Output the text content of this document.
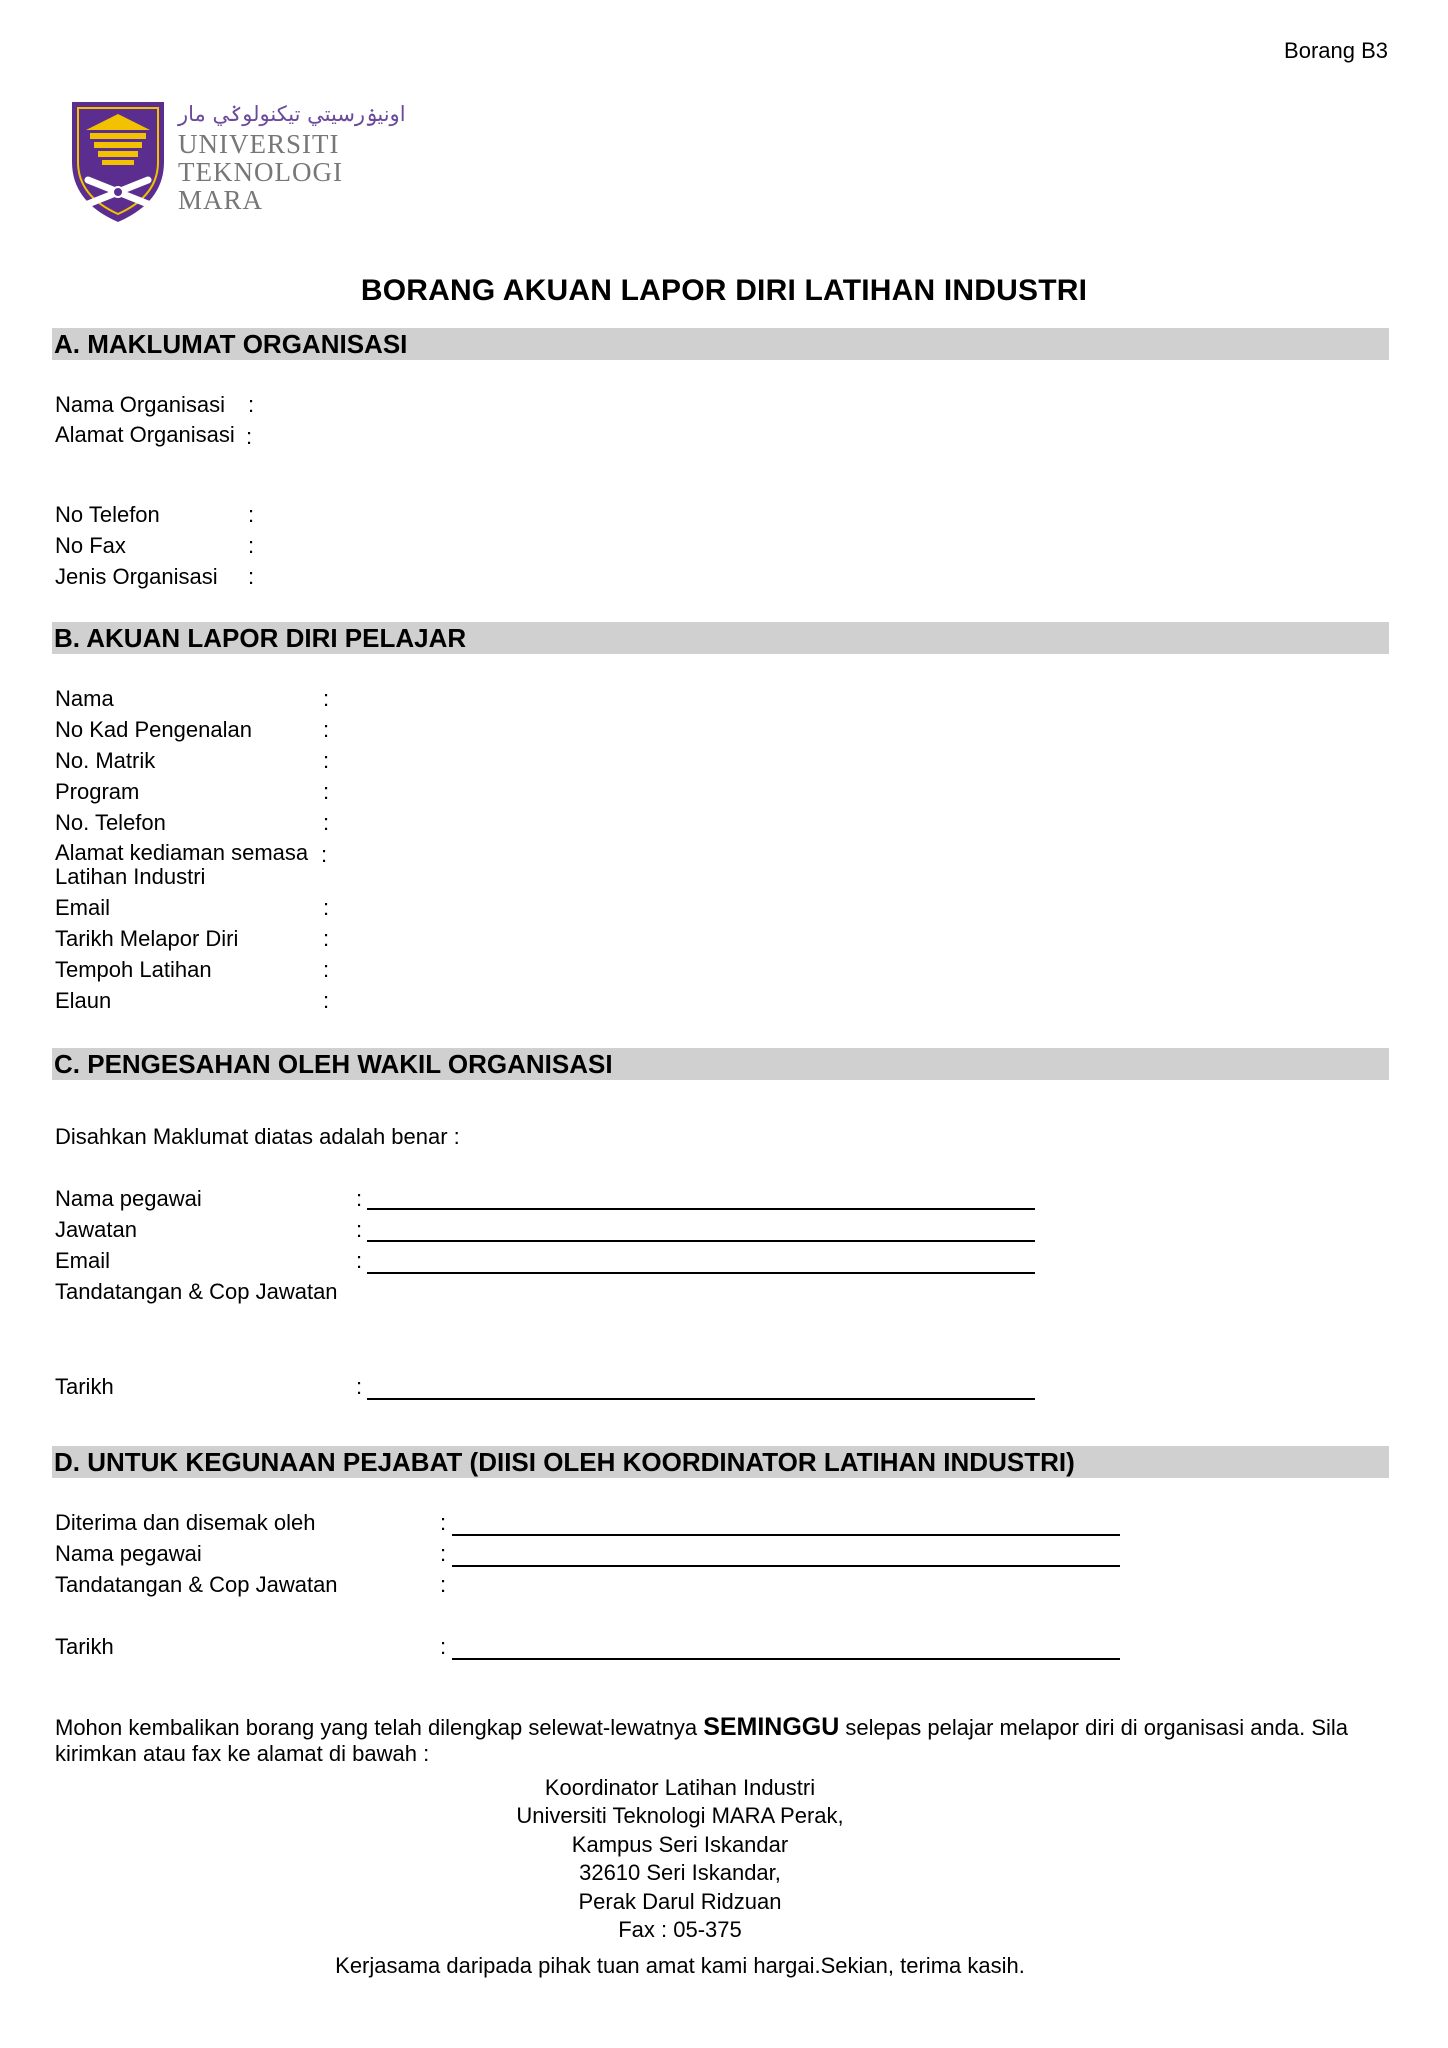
Borang B3
اونيۏرسيتي تيكنولوݢي مار
UNIVERSITI
TEKNOLOGI
MARA
BORANG AKUAN LAPOR DIRI LATIHAN INDUSTRI
A. MAKLUMAT ORGANISASI
Nama Organisasi :
Alamat Organisasi :
No Telefon	:
No Fax	:
Jenis Organisasi :
B. AKUAN LAPOR DIRI PELAJAR
Nama	:
No Kad Pengenalan	:
No. Matrik	:
Program	:
No. Telefon	:
Alamat kediaman semasa :
Latihan Industri
Email	:
Tarikh Melapor Diri	:
Tempoh Latihan	:
Elaun	:
C. PENGESAHAN OLEH WAKIL ORGANISASI
Disahkan Maklumat diatas adalah benar :
Nama pegawai	:
Jawatan	:
Email	:
Tandatangan & Cop Jawatan
Tarikh	:
D. UNTUK KEGUNAAN PEJABAT (DIISI OLEH KOORDINATOR LATIHAN INDUSTRI)
Diterima dan disemak oleh	:
Nama pegawai	:
Tandatangan & Cop Jawatan	:
Tarikh	:
Mohon kembalikan borang yang telah dilengkap selewat-lewatnya SEMINGGU selepas pelajar melapor diri di organisasi anda. Sila kirimkan atau fax ke alamat di bawah :
Koordinator Latihan Industri
Universiti Teknologi MARA Perak,
Kampus Seri Iskandar
32610 Seri Iskandar,
Perak Darul Ridzuan
Fax : 05-375
Kerjasama daripada pihak tuan amat kami hargai.Sekian, terima kasih.
